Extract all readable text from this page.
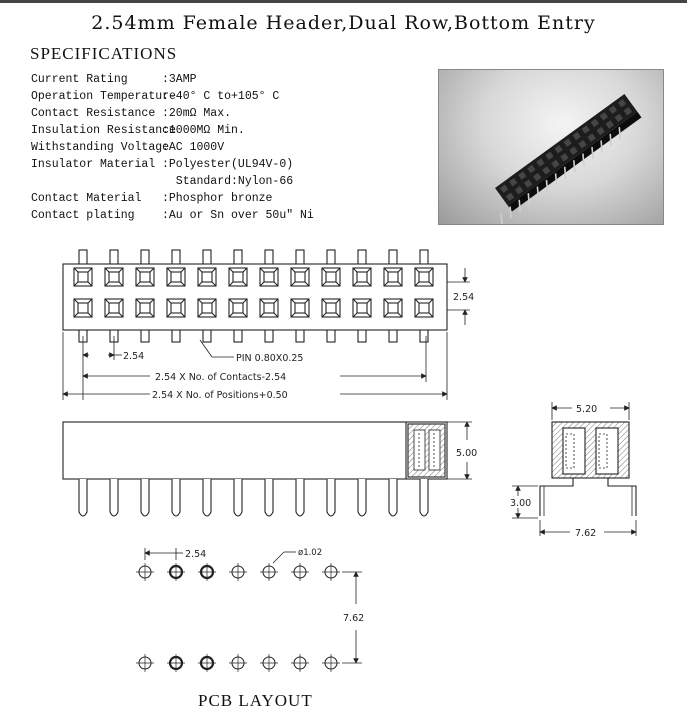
2.54mm Female Header,Dual Row,Bottom Entry
SPECIFICATIONS
Current Rating	:3AMP
Operation Temperature
:-40° C to+105° C
Contact Resistance :20mΩ Max.
Insulation Resistance
:1000MΩ Min.
Withstanding Voltage
:AC 1000V
Insulator Material :Polyester(UL94V-0)
Standard:Nylon-66
Contact Material	:Phosphor bronze
Contact plating	:Au or Sn over 50u" Ni
2.54
2.54	PIN 0.80X0.25
2.54 X No. of Contacts-2.54
2.54 X No. of Positions+0.50
5.00
5.20
3.00
7.62
2.54	ø1.02
7.62
PCB LAYOUT
